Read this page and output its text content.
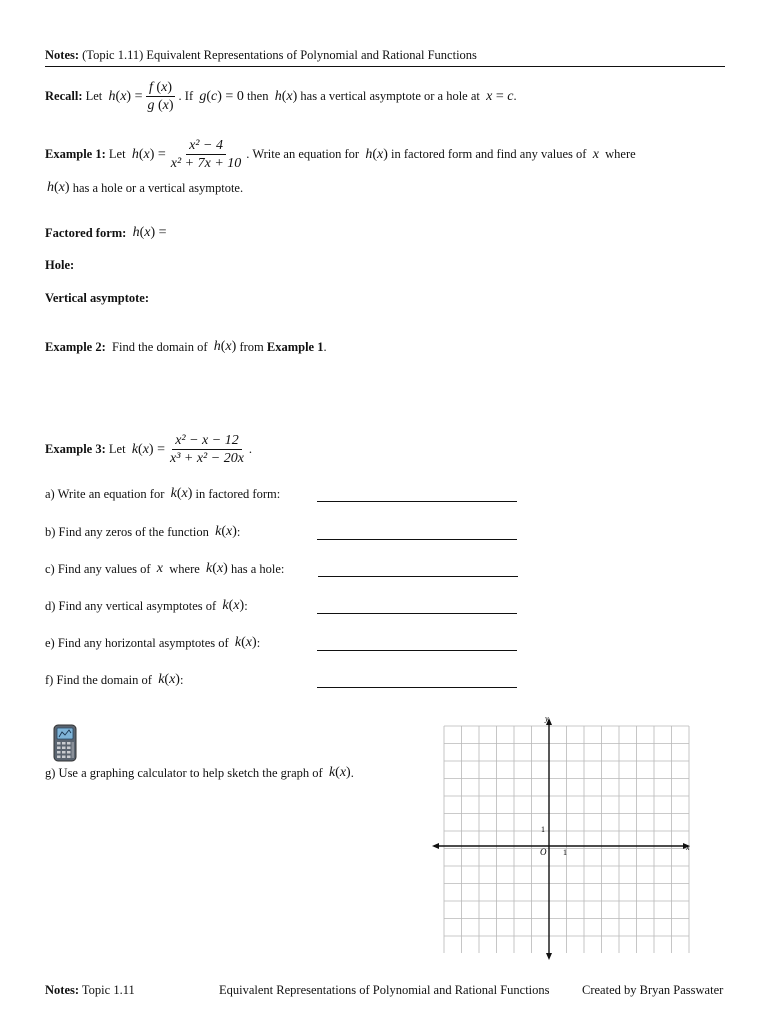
Notes: (Topic 1.11) Equivalent Representations of Polynomial and Rational Functions
Recall:
Let
$h(x) = \frac{f (x)}{g (x)}$ . If
g(c) = 0
then
h(x)
has a vertical asymptote or a hole at
x = c .
Example 1:
Let
$h(x) = \frac{\text{x² − 4}}{\text{x² + 7x + 10}}$ . Write an equation for
h(x)
in factored form and find any values of
x
where
h(x)
has a hole or a vertical asymptote.
Factored form:
h(x) =
Hole:
Vertical asymptote:
Example 2:
Find the domain of
h(x)
from
Example 1 .
Example 3:
Let
$k(x) = \frac{\text{x² − x − 12}}{\text{x³ + x² − 20x}}$ .
a) Write an equation for
k(x)
in factored form:
b) Find any zeros of the function
k(x) :
c) Find any values of
x
where
k(x)
has a hole:
d) Find any vertical asymptotes of
k(x) :
e) Find any horizontal asymptotes of
k(x) :
f) Find the domain of
k(x) :
g) Use a graphing calculator to help sketch the graph of
k(x) .
x
y
O 1
1
Notes: Topic 1.11	Equivalent Representations of Polynomial and Rational Functions	Created by Bryan Passwater
